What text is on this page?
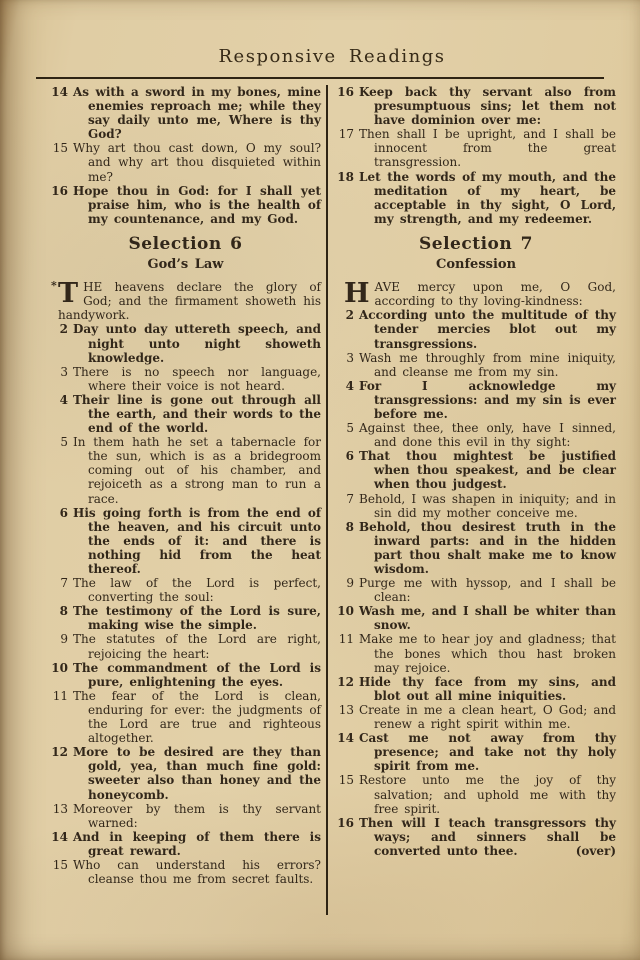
Responsive Readings

14 As with a sword in my bones, mine enemies reproach me; while they say daily unto me, Where is thy God?

15 Why art thou cast down, O my soul? and why art thou disquieted within me?

16 Hope thou in God: for I shall yet praise him, who is the health of my countenance, and my God.

Selection 6
God’s Law

* T HE heavens declare the glory of God; and the firmament showeth his handywork.

2 Day unto day uttereth speech, and night unto night showeth knowledge.

3 There is no speech nor language, where their voice is not heard.

4 Their line is gone out through all the earth, and their words to the end of the world.

5 In them hath he set a tabernacle for the sun, which is as a bridegroom coming out of his chamber, and rejoiceth as a strong man to run a race.

6 His going forth is from the end of the heaven, and his circuit unto the ends of it: and there is nothing hid from the heat thereof.

7 The law of the Lord is perfect, converting the soul:

8 The testimony of the Lord is sure, making wise the simple.

9 The statutes of the Lord are right, rejoicing the heart:

10 The commandment of the Lord is pure, enlightening the eyes.

11 The fear of the Lord is clean, enduring for ever: the judgments of the Lord are true and righteous altogether.

12 More to be desired are they than gold, yea, than much fine gold: sweeter also than honey and the honeycomb.

13 Moreover by them is thy servant warned:

14 And in keeping of them there is great reward.

15 Who can understand his errors? cleanse thou me from secret faults.

16 Keep back thy servant also from presumptuous sins; let them not have dominion over me:

17 Then shall I be upright, and I shall be innocent from the great transgression.

18 Let the words of my mouth, and the meditation of my heart, be acceptable in thy sight, O Lord, my strength, and my redeemer.

Selection 7
Confession

HAVE mercy upon me, O God, according to thy loving-kindness:

2 According unto the multitude of thy tender mercies blot out my transgressions.

3 Wash me throughly from mine iniquity, and cleanse me from my sin.

4 For I acknowledge my transgressions: and my sin is ever before me.

5 Against thee, thee only, have I sinned, and done this evil in thy sight:

6 That thou mightest be justified when thou speakest, and be clear when thou judgest.

7 Behold, I was shapen in iniquity; and in sin did my mother conceive me.

8 Behold, thou desirest truth in the inward parts: and in the hidden part thou shalt make me to know wisdom.

9 Purge me with hyssop, and I shall be clean:

10 Wash me, and I shall be whiter than snow.

11 Make me to hear joy and gladness; that the bones which thou hast broken may rejoice.

12 Hide thy face from my sins, and blot out all mine iniquities.

13 Create in me a clean heart, O God; and renew a right spirit within me.

14 Cast me not away from thy presence; and take not thy holy spirit from me.

15 Restore unto me the joy of thy salvation; and uphold me with thy free spirit.

16 Then will I teach transgressors thy ways; and sinners shall be converted unto thee.	(over)
